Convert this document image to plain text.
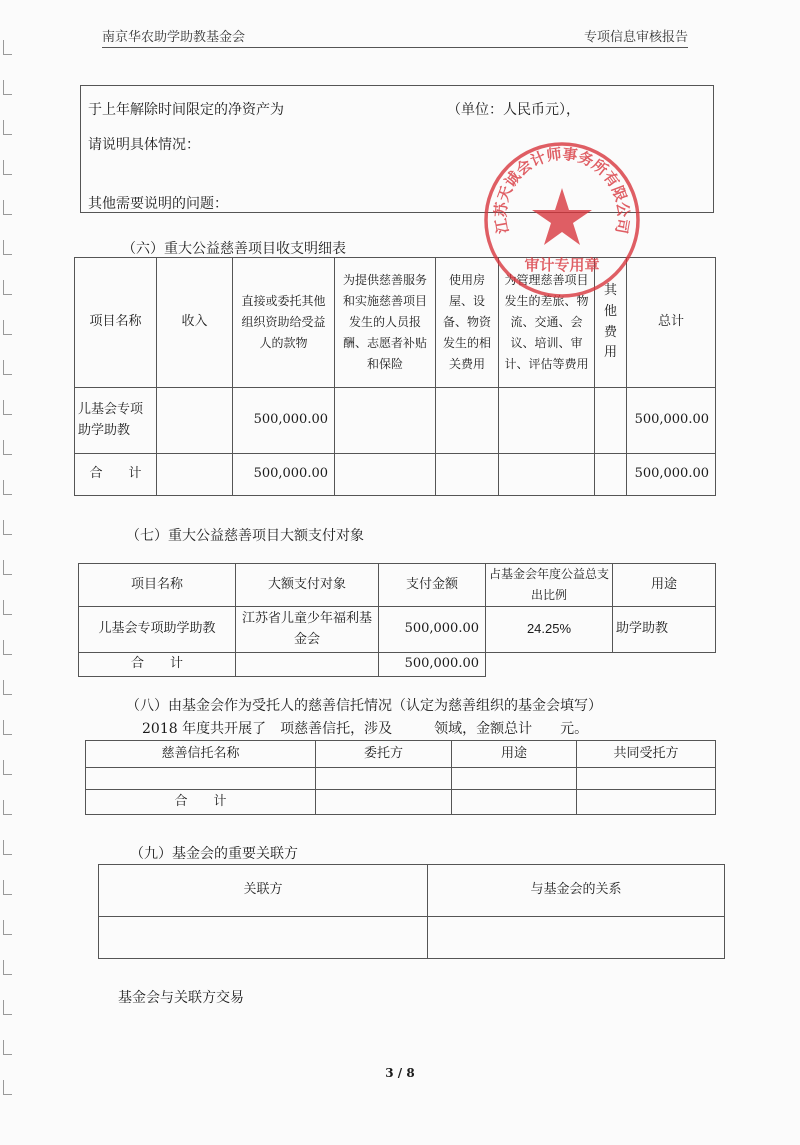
南京华农助学助教基金会	专项信息审核报告
于上年解除时间限定的净资产为	（单位：人民币元），
请说明具体情况：
其他需要说明的问题：
（六）重大公益慈善项目收支明细表
项目名称	收入	直接或委托其他组织资助给受益人的款物	为提供慈善服务和实施慈善项目发生的人员报酬、志愿者补贴和保险	使用房屋、设备、物资发生的相关费用	为管理慈善项目发生的差旅、物流、交通、会议、培训、审计、评估等费用	其他费用	总计
儿基会专项助学助教		500,000.00					500,000.00
合　　计		500,000.00					500,000.00
（七）重大公益慈善项目大额支付对象
项目名称	大额支付对象	支付金额	占基金会年度公益总支出比例	用途
儿基会专项助学助教	江苏省儿童少年福利基金会	500,000.00	24.25%	助学助教
合　　计		500,000.00		
（八）由基金会作为受托人的慈善信托情况（认定为慈善组织的基金会填写）
2018 年度共开展了　项慈善信托，涉及　　　领域，金额总计　　元。
慈善信托名称	委托方	用途	共同受托方

合　　计			
（九）基金会的重要关联方
关联方	与基金会的关系

基金会与关联方交易
3 / 8
江苏天诚会计师事务所有限公司
审计专用章
